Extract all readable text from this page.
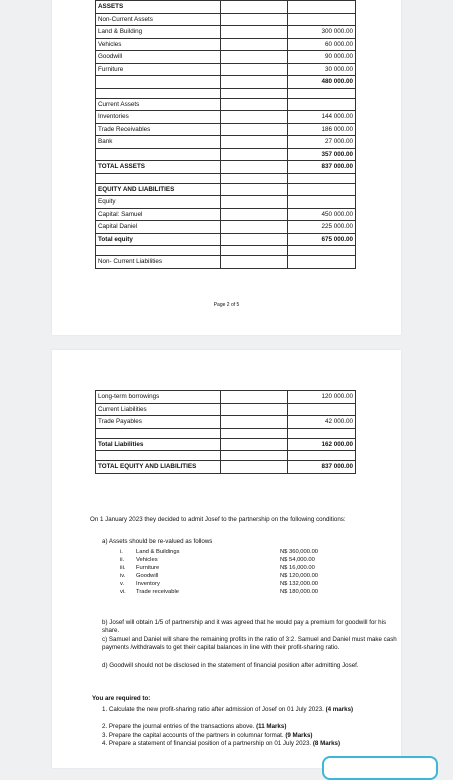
ASSETS		
Non-Current Assets		
Land & Building		300 000.00
Vehicles		60 000.00
Goodwill		90 000.00
Furniture		30 000.00
		480 000.00

Current Assets		
Inventories		144 000.00
Trade Receivables		186 000.00
Bank		27 000.00
		357 000.00
TOTAL ASSETS		837 000.00

EQUITY AND LIABILITIES		
Equity		
Capital: Samuel		450 000.00
Capital Daniel		225 000.00
Total equity		675 000.00

Non- Current Liabilities		
Page 2 of 5
Long-term borrowings		120 000.00
Current Liabilities		
Trade Payables		42 000.00

Total Liabilities		162 000.00

TOTAL EQUITY AND LIABILITIES		837 000.00
On 1 January 2023 they decided to admit Josef to the partnership on the following conditions:
a) Assets should be re-valued as follows
i. Land & Buildings	N$ 360,000.00
ii. Vehicles	N$ 54,000.00
iii. Furniture	N$ 16,000.00
iv. Goodwill	N$ 120,000.00
v. Inventory	N$ 132,000.00
vi. Trade receivable	N$ 180,000.00
b) Josef will obtain 1/5 of partnership and it was agreed that he would pay a premium for goodwill for his share.
c) Samuel and Daniel will share the remaining profits in the ratio of 3:2. Samuel and Daniel must make cash payments /withdrawals to get their capital balances in line with their profit-sharing ratio.
d) Goodwill should not be disclosed in the statement of financial position after admitting Josef.
You are required to:
1. Calculate the new profit-sharing ratio after admission of Josef on 01 July 2023. (4 marks)
2. Prepare the journal entries of the transactions above. (11 Marks)
3. Prepare the capital accounts of the partners in columnar format. (9 Marks)
4. Prepare a statement of financial position of a partnership on 01 July 2023. (8 Marks)
